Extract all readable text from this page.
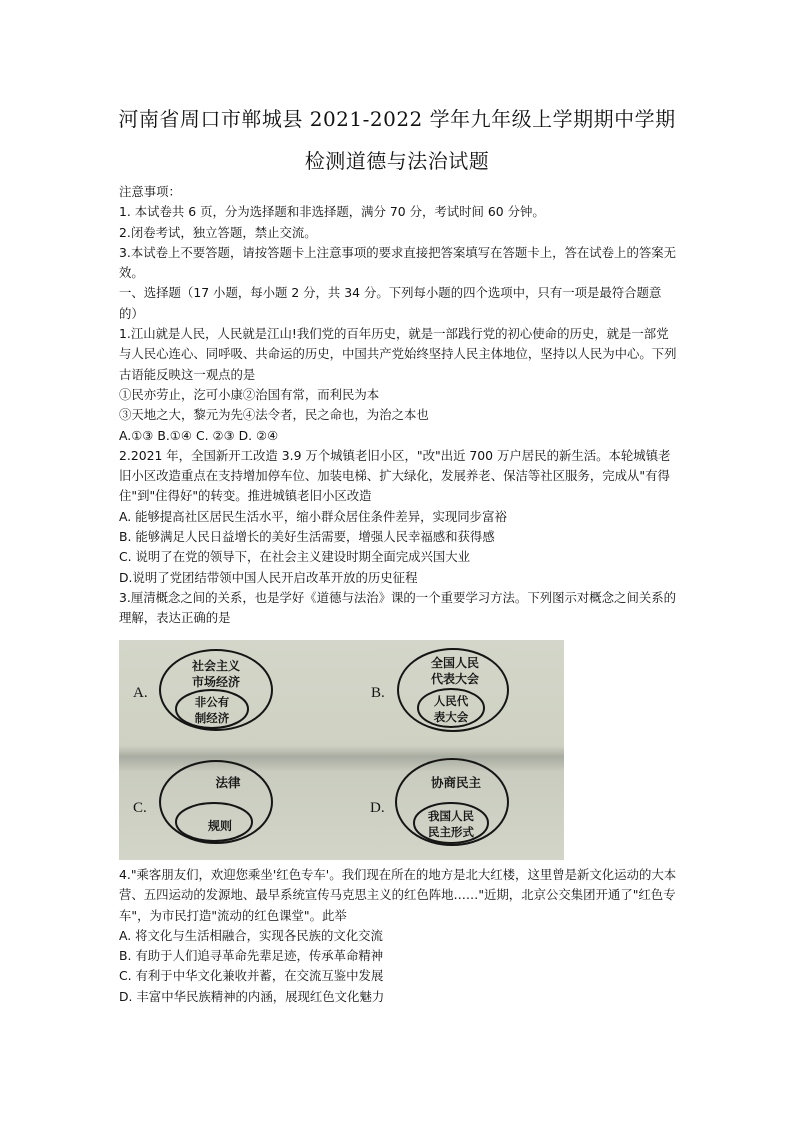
河南省周口市郸城县 2021-2022 学年九年级上学期期中学期
检测道德与法治试题

注意事项：

1. 本试卷共 6 页，分为选择题和非选择题，满分 70 分，考试时间 60 分钟。

2.闭卷考试，独立答题，禁止交流。

3.本试卷上不要答题，请按答题卡上注意事项的要求直接把答案填写在答题卡上，答在试卷上的答案无效。

一、选择题（17 小题，每小题 2 分，共 34 分。下列每小题的四个选项中，只有一项是最符合题意的）

1.江山就是人民，人民就是江山!我们党的百年历史，就是一部践行党的初心使命的历史，就是一部党与人民心连心、同呼吸、共命运的历史，中国共产党始终坚持人民主体地位，坚持以人民为中心。下列古语能反映这一观点的是

①民亦劳止，汔可小康②治国有常，而利民为本

③天地之大，黎元为先④法令者，民之命也，为治之本也

A.①③ B.①④ C. ②③ D. ②④

2.2021 年，全国新开工改造 3.9 万个城镇老旧小区，"改"出近 700 万户居民的新生活。本轮城镇老旧小区改造重点在支持增加停车位、加装电梯、扩大绿化，发展养老、保洁等社区服务，完成从"有得住"到"住得好"的转变。推进城镇老旧小区改造

A. 能够提高社区居民生活水平，缩小群众居住条件差异，实现同步富裕

B. 能够满足人民日益增长的美好生活需要，增强人民幸福感和获得感

C. 说明了在党的领导下，在社会主义建设时期全面完成兴国大业

D.说明了党团结带领中国人民开启改革开放的历史征程

3.厘清概念之间的关系，也是学好《道德与法治》课的一个重要学习方法。下列图示对概念之间关系的理解，表达正确的是

A.
社会主义
市场经济
非公有
制经济
B.
全国人民
代表大会
人民代
表大会
C.
法律
规则
D.
协商民主
我国人民
民主形式

4."乘客朋友们，欢迎您乘坐'红色专车'。我们现在所在的地方是北大红楼，这里曾是新文化运动的大本营、五四运动的发源地、最早系统宣传马克思主义的红色阵地……"近期，北京公交集团开通了"红色专车"，为市民打造"流动的红色课堂"。此举

A. 将文化与生活相融合，实现各民族的文化交流

B. 有助于人们追寻革命先辈足迹，传承革命精神

C. 有利于中华文化兼收并蓄，在交流互鉴中发展

D. 丰富中华民族精神的内涵，展现红色文化魅力
